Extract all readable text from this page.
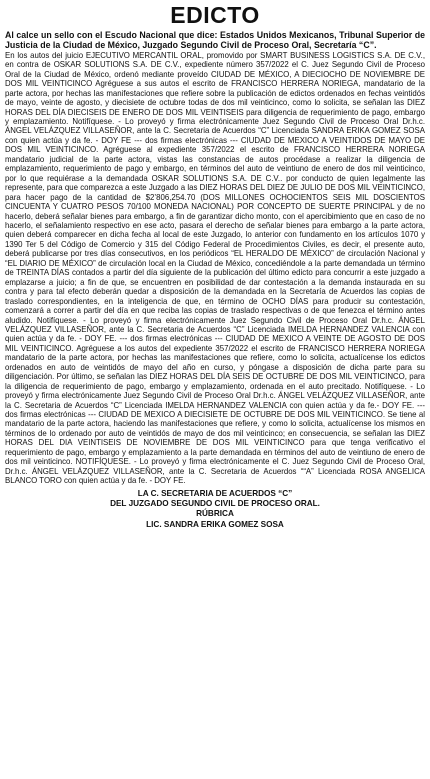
EDICTO

Al calce un sello con el Escudo Nacional que dice: Estados Unidos Mexicanos, Tribunal Superior de Justicia de la Ciudad de México, Juzgado Segundo Civil de Proceso Oral, Secretaría “C”.

En los autos del juicio EJECUTIVO MERCANTIL ORAL, promovido por SMART BUSINESS LOGISTICS S.A. DE C.V., en contra de OSKAR SOLUTIONS S.A. DE C.V., expediente número 357/2022 el C. Juez Segundo Civil de Proceso Oral de la Ciudad de México, ordenó mediante proveído CIUDAD DE MÉXICO, A DIECIOCHO DE NOVIEMBRE DE DOS MIL VEINTICINCO Agréguese a sus autos el escrito de FRANCISCO HERRERA NORIEGA, mandatario de la parte actora, por hechas las manifestaciones que refiere sobre la publicación de edictos ordenados en fechas veintidós de mayo, veinte de agosto, y diecisiete de octubre todas de dos mil veinticinco, como lo solicita, se señalan las DIEZ HORAS DEL DÍA DIECISEIS DE ENERO DE DOS MIL VEINTISEIS para diligencia de requerimiento de pago, embargo y emplazamiento. Notifíquese. - Lo proveyó y firma electrónicamente Juez Segundo Civil de Proceso Oral Dr.h.c. ÁNGEL VELÁZQUEZ VILLASEÑOR, ante la C. Secretaria de Acuerdos “C” Licenciada SANDRA ERIKA GOMEZ SOSA con quien actúa y da fe. - DOY FE --- dos firmas electrónicas --- CIUDAD DE MEXICO A VEINTIDOS DE MAYO DE DOS MIL VEINTICINCO. Agréguese al expediente 357/2022 el escrito de FRANCISCO HERRERA NORIEGA mandatario judicial de la parte actora, vistas las constancias de autos procédase a realizar la diligencia de emplazamiento, requerimiento de pago y embargo, en términos del auto de veintiuno de enero de dos mil veinticinco, por lo que requiérase a la demandada OSKAR SOLUTIONS S.A. DE C.V.. por conducto de quien legalmente las represente, para que comparezca a este Juzgado a las DIEZ HORAS DEL DIEZ DE JULIO DE DOS MIL VEINTICINCO, para hacer pago de la cantidad de $2’806,254.70 (DOS MILLONES OCHOCIENTOS SEIS MIL DOSCIENTOS CINCUENTA Y CUATRO PESOS 70/100 MONEDA NACIONAL) POR CONCEPTO DE SUERTE PRINCIPAL y de no hacerlo, deberá señalar bienes para embargo, a fin de garantizar dicho monto, con el apercibimiento que en caso de no hacerlo, el señalamiento respectivo en ese acto, pasara el derecho de señalar bienes para embargo a la parte actora, quien deberá comparecer en dicha fecha al local de este Juzgado, lo anterior con fundamento en los artículos 1070 y 1390 Ter 5 del Código de Comercio y 315 del Código Federal de Procedimientos Civiles, es decir, el presente auto, deberá publicarse por tres días consecutivos, en los periódicos “EL HERALDO DE MÉXICO” de circulación Nacional y “EL DIARIO DE MÉXICO” de circulación local en la Ciudad de México, concediéndole a la parte demandada un término de TREINTA DÍAS contados a partir del día siguiente de la publicación del último edicto para concurrir a este juzgado a emplazarse a juicio; a fin de que, se encuentren en posibilidad de dar contestación a la demanda instaurada en su contra y para tal efecto deberán quedar a disposición de la demandada en la Secretaría de Acuerdos las copias de traslado correspondientes, en la inteligencia de que, en término de OCHO DÍAS para producir su contestación, comenzará a correr a partir del día en que reciba las copias de traslado respectivas o de que fenezca el término antes aludido. Notifíquese. - Lo proveyó y firma electrónicamente Juez Segundo Civil de Proceso Oral Dr.h.c. ÁNGEL VELÁZQUEZ VILLASEÑOR, ante la C. Secretaria de Acuerdos “C” Licenciada IMELDA HERNANDEZ VALENCIA con quien actúa y da fe. - DOY FE. --- dos firmas electrónicas --- CIUDAD DE MEXICO A VEINTE DE AGOSTO DE DOS MIL VEINTICINCO. Agréguese a los autos del expediente 357/2022 el escrito de FRANCISCO HERRERA NORIEGA mandatario de la parte actora, por hechas las manifestaciones que refiere, como lo solicita, actualícense los edictos ordenados en auto de veintidós de mayo del año en curso, y póngase a disposición de dicha parte para su diligenciación. Por último, se señalan las DIEZ HORAS DEL DÍA SEIS DE OCTUBRE DE DOS MIL VEINTICINCO, para la diligencia de requerimiento de pago, embargo y emplazamiento, ordenada en el auto precitado. Notifíquese. - Lo proveyó y firma electrónicamente Juez Segundo Civil de Proceso Oral Dr.h.c. ÁNGEL VELÁZQUEZ VILLASEÑOR, ante la C. Secretaria de Acuerdos “C” Licenciada IMELDA HERNANDEZ VALENCIA con quien actúa y da fe.- DOY FE. --- dos firmas electrónicas --- CIUDAD DE MEXICO A DIECISIETE DE OCTUBRE DE DOS MIL VEINTICINCO. Se tiene al mandatario de la parte actora, haciendo las manifestaciones que refiere, y como lo solicita, actualícense los mismos en términos de lo ordenado por auto de veintidós de mayo de dos mil veinticinco; en consecuencia, se señalan las DIEZ HORAS DEL DIA VEINTISEIS DE NOVIEMBRE DE DOS MIL VEINTICINCO para que tenga verificativo el requerimiento de pago, embargo y emplazamiento a la parte demandada en términos del auto de veintiuno de enero de dos mil veinticinco. NOTIFÍQUESE. - Lo proveyó y firma electrónicamente el C. Juez Segundo Civil de Proceso Oral, Dr.h.c. ÁNGEL VELÁZQUEZ VILLASEÑOR, ante la C. Secretaria de Acuerdos ““A” Licenciada ROSA ANGELICA BLANCO TORO con quien actúa y da fe. - DOY FE.

LA C. SECRETARIA DE ACUERDOS “C”
DEL JUZGADO SEGUNDO CIVIL DE PROCESO ORAL.
RÚBRICA
LIC. SANDRA ERIKA GOMEZ SOSA
